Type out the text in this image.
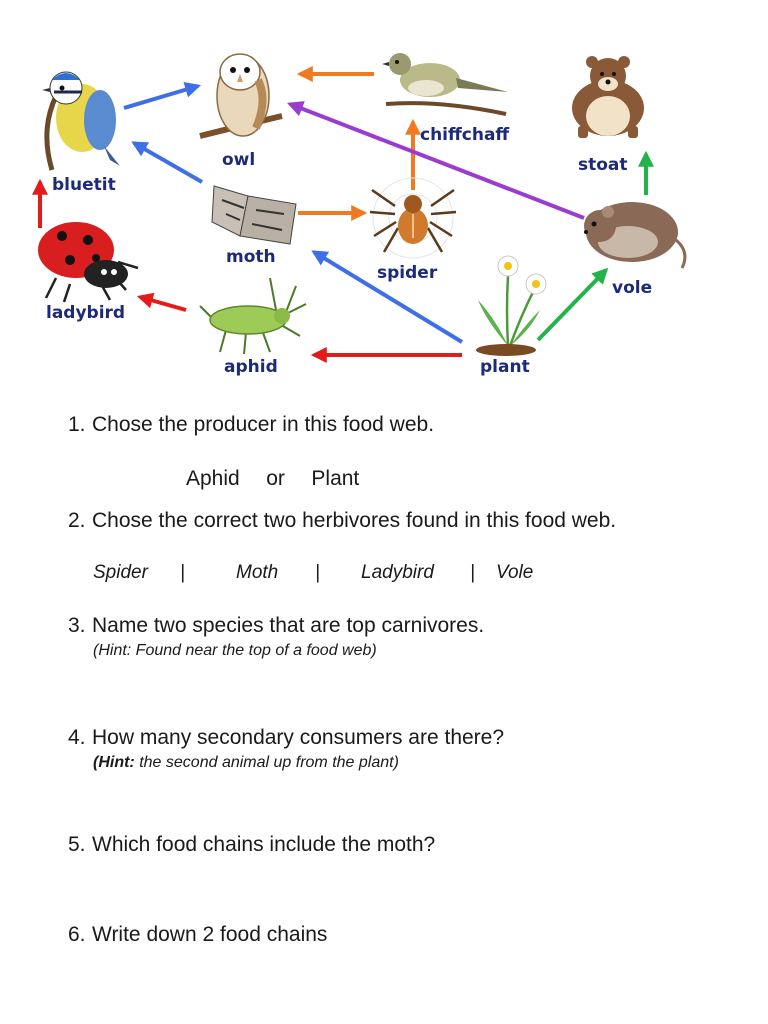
bluetit
owl
chiffchaff
stoat
moth
spider
vole
ladybird
aphid	plant
1. Chose the producer in this food web.
Aphid or Plant
2. Chose the correct two herbivores found in this food web.
Spider |	Moth | Ladybird | Vole
3. Name two species that are top carnivores.
(Hint: Found near the top of a food web)
4. How many secondary consumers are there?
(Hint: the second animal up from the plant)
5. Which food chains include the moth?
6. Write down 2 food chains
